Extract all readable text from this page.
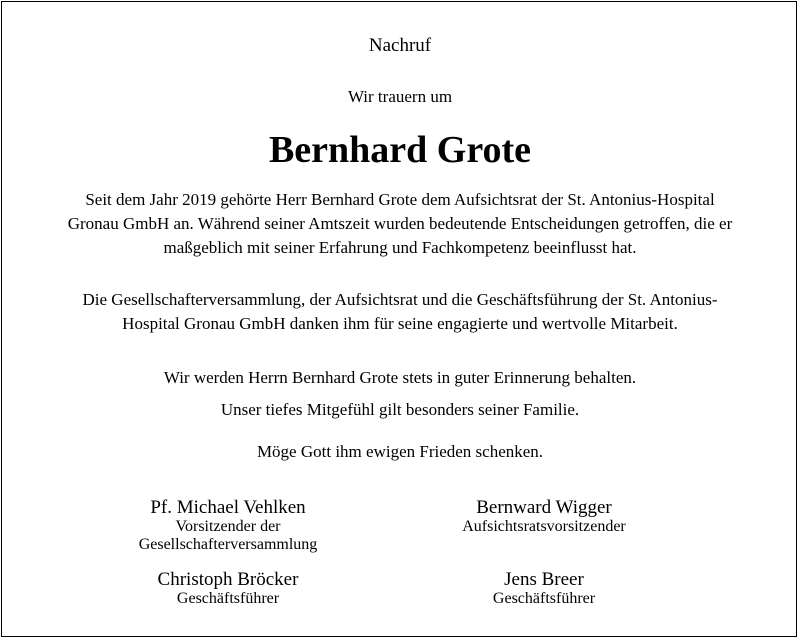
Nachruf
Wir trauern um
Bernhard Grote
Seit dem Jahr 2019 gehörte Herr Bernhard Grote dem Aufsichtsrat der St. Antonius-Hospital Gronau GmbH an. Während seiner Amtszeit wurden bedeutende Entscheidungen getroffen, die er maßgeblich mit seiner Erfahrung und Fachkompetenz beeinflusst hat.
Die Gesellschafterversammlung, der Aufsichtsrat und die Geschäftsführung der St. Antonius-Hospital Gronau GmbH danken ihm für seine engagierte und wertvolle Mitarbeit.
Wir werden Herrn Bernhard Grote stets in guter Erinnerung behalten.
Unser tiefes Mitgefühl gilt besonders seiner Familie.
Möge Gott ihm ewigen Frieden schenken.
Pf. Michael Vehlken
Vorsitzender der
Gesellschafterversammlung
Bernward Wigger
Aufsichtsratsvorsitzender
Christoph Bröcker
Geschäftsführer
Jens Breer
Geschäftsführer
